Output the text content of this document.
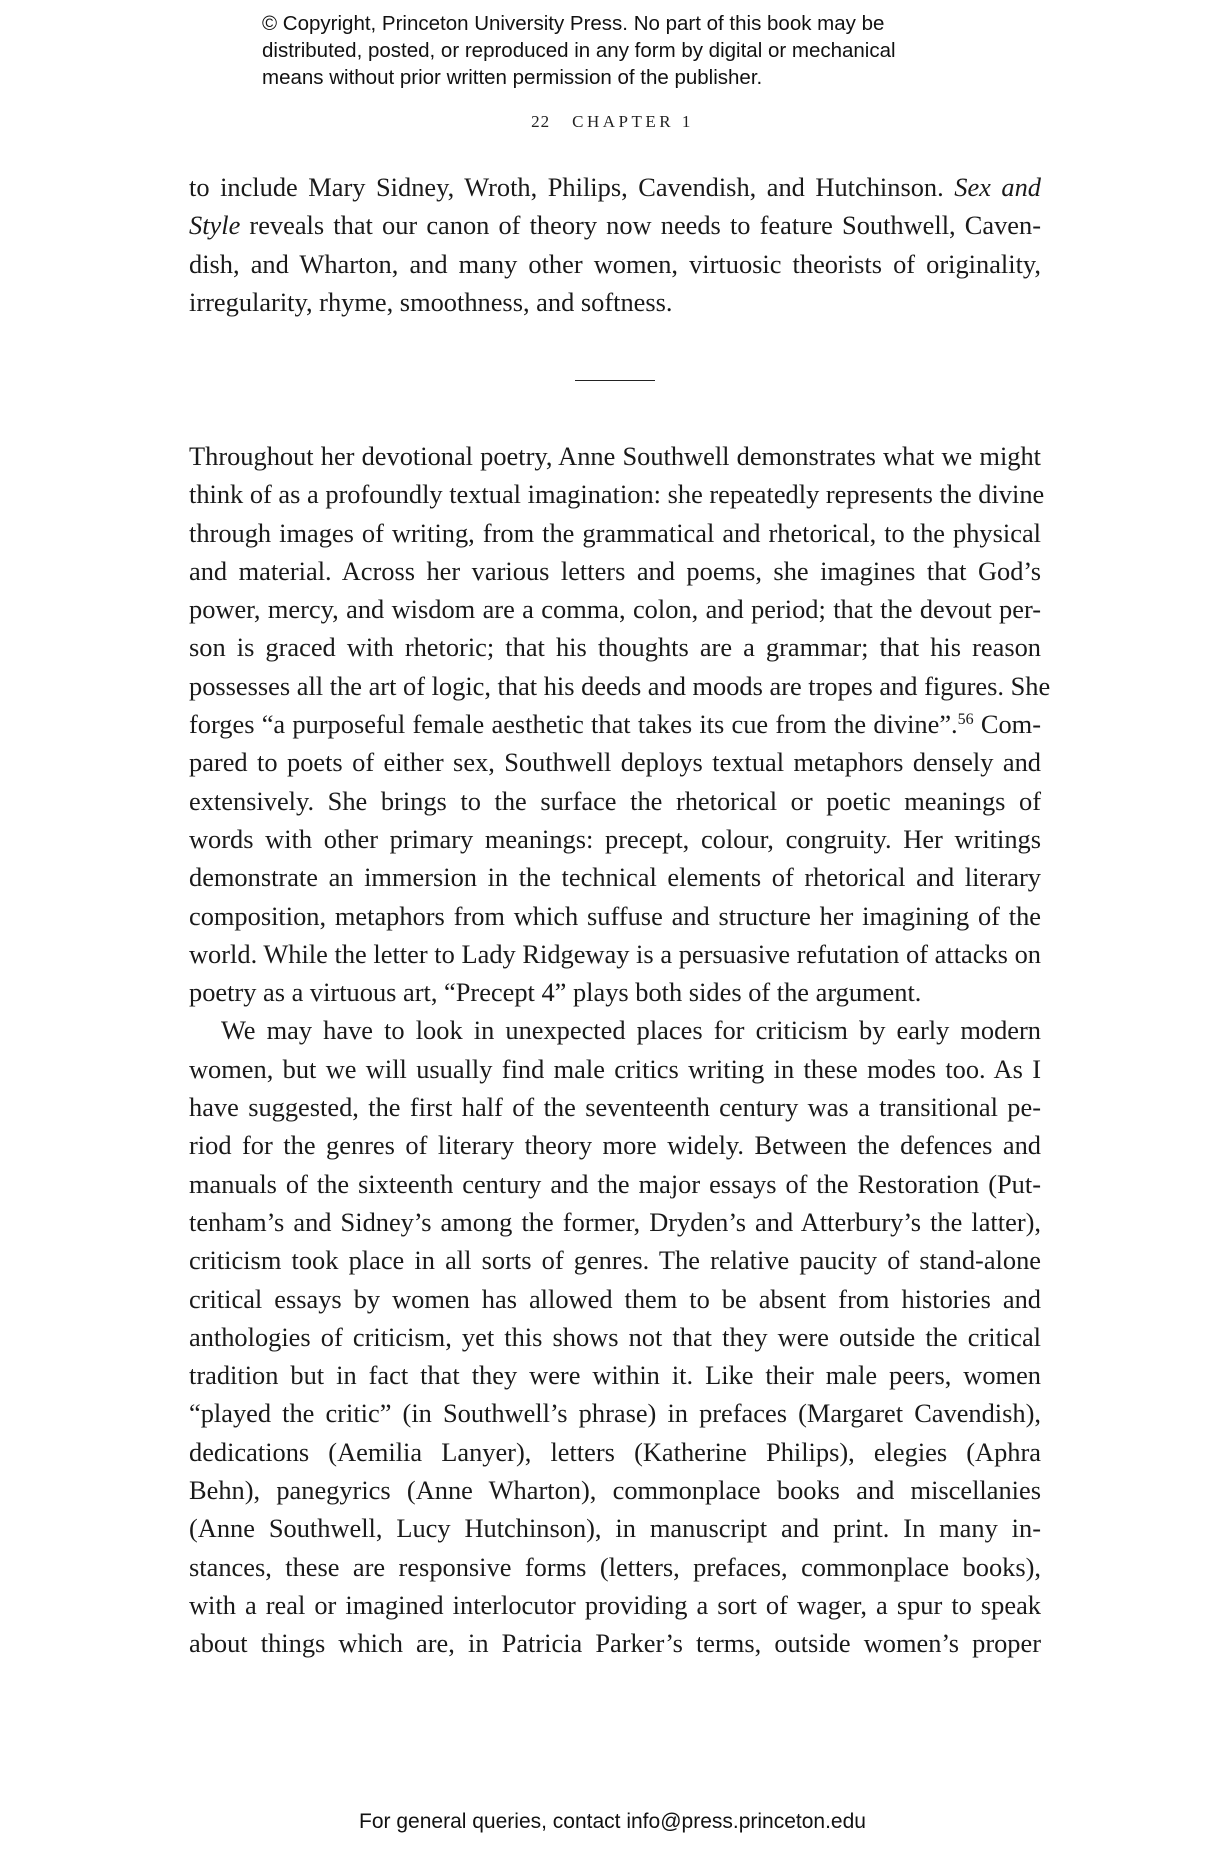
© Copyright, Princeton University Press. No part of this book may be
distributed, posted, or reproduced in any form by digital or mechanical
means without prior written permission of the publisher.
22 CHAPTER 1
to include Mary Sidney, Wroth, Philips, Cavendish, and Hutchinson. Sex and
Style reveals that our canon of theory now needs to feature Southwell, Caven-
dish, and Wharton, and many other women, virtuosic theorists of originality,
irregularity, rhyme, smoothness, and softness.
Throughout her devotional poetry, Anne Southwell demonstrates what we might
think of as a profoundly textual imagination: she repeatedly represents the divine
through images of writing, from the grammatical and rhetorical, to the physical
and material. Across her various letters and poems, she imagines that God’s
power, mercy, and wisdom are a comma, colon, and period; that the devout per-
son is graced with rhetoric; that his thoughts are a grammar; that his reason
possesses all the art of logic, that his deeds and moods are tropes and figures. She
forges “a purposeful female aesthetic that takes its cue from the divine”.$^{56}$ Com-
pared to poets of either sex, Southwell deploys textual metaphors densely and
extensively. She brings to the surface the rhetorical or poetic meanings of
words with other primary meanings: precept, colour, congruity. Her writings
demonstrate an immersion in the technical elements of rhetorical and literary
composition, metaphors from which suffuse and structure her imagining of the
world. While the letter to Lady Ridgeway is a persuasive refutation of attacks on
poetry as a virtuous art, “Precept 4” plays both sides of the argument.
We may have to look in unexpected places for criticism by early modern
women, but we will usually find male critics writing in these modes too. As I
have suggested, the first half of the seventeenth century was a transitional pe-
riod for the genres of literary theory more widely. Between the defences and
manuals of the sixteenth century and the major essays of the Restoration (Put-
tenham’s and Sidney’s among the former, Dryden’s and Atterbury’s the latter),
criticism took place in all sorts of genres. The relative paucity of stand-alone
critical essays by women has allowed them to be absent from histories and
anthologies of criticism, yet this shows not that they were outside the critical
tradition but in fact that they were within it. Like their male peers, women
“played the critic” (in Southwell’s phrase) in prefaces (Margaret Cavendish),
dedications (Aemilia Lanyer), letters (Katherine Philips), elegies (Aphra
Behn), panegyrics (Anne Wharton), commonplace books and miscellanies
(Anne Southwell, Lucy Hutchinson), in manuscript and print. In many in-
stances, these are responsive forms (letters, prefaces, commonplace books),
with a real or imagined interlocutor providing a sort of wager, a spur to speak
about things which are, in Patricia Parker’s terms, outside women’s proper
For general queries, contact info@press.princeton.edu
